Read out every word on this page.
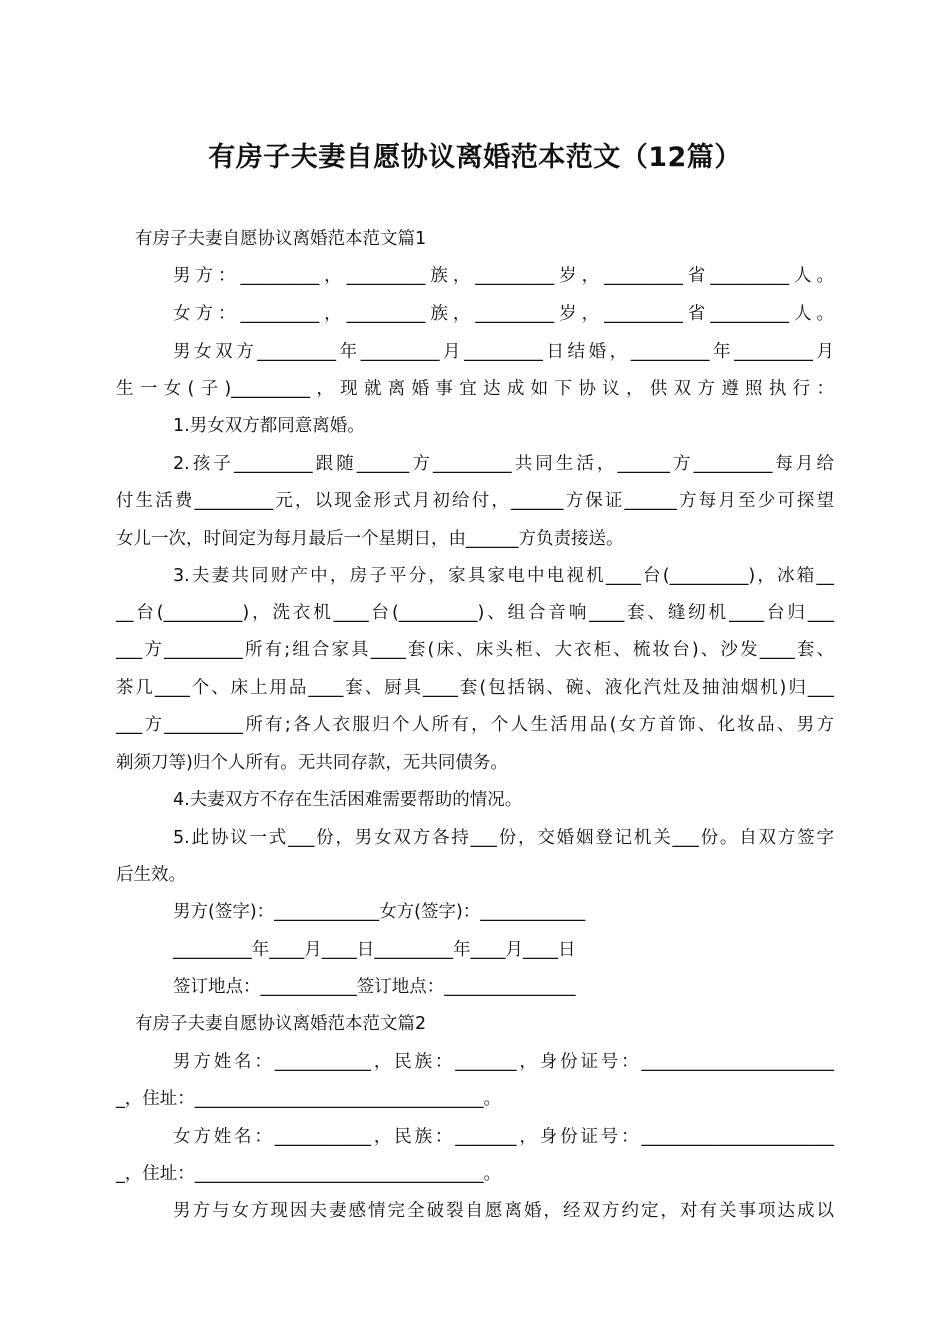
有房子夫妻自愿协议离婚范本范文（12篇）
有房子夫妻自愿协议离婚范本范文篇1
男方：_________，_________族，_________岁，_________省_________人。
女方：_________，_________族，_________岁，_________省_________人。
男女双方_________年_________月_________日结婚，_________年_________月
生一女(子)_________，现就离婚事宜达成如下协议，供双方遵照执行：
1.男女双方都同意离婚。
2.孩子_________跟随______方_________共同生活，______方_________每月给
付生活费_________元，以现金形式月初给付，______方保证______方每月至少可探望
女儿一次，时间定为每月最后一个星期日，由______方负责接送。
3.夫妻共同财产中，房子平分，家具家电中电视机____台(_________)，冰箱__
__台(_________)，洗衣机____台(_________)、组合音响____套、缝纫机____台归___
___方_________所有;组合家具____套(床、床头柜、大衣柜、梳妆台)、沙发____套、
茶几____个、床上用品____套、厨具____套(包括锅、碗、液化汽灶及抽油烟机)归___
___方_________所有;各人衣服归个人所有，个人生活用品(女方首饰、化妆品、男方
剃须刀等)归个人所有。无共同存款，无共同债务。
4.夫妻双方不存在生活困难需要帮助的情况。
5.此协议一式___份，男女双方各持___份，交婚姻登记机关___份。自双方签字
后生效。
男方(签字)：____________女方(签字)：____________
_________年____月____日_________年____月____日
签订地点：___________签订地点：_______________
有房子夫妻自愿协议离婚范本范文篇2
男方姓名：___________，民族：_______，身份证号：______________________
_，住址：_________________________________。
女方姓名：___________，民族：_______，身份证号：______________________
_，住址：_________________________________。
男方与女方现因夫妻感情完全破裂自愿离婚，经双方约定，对有关事项达成以
